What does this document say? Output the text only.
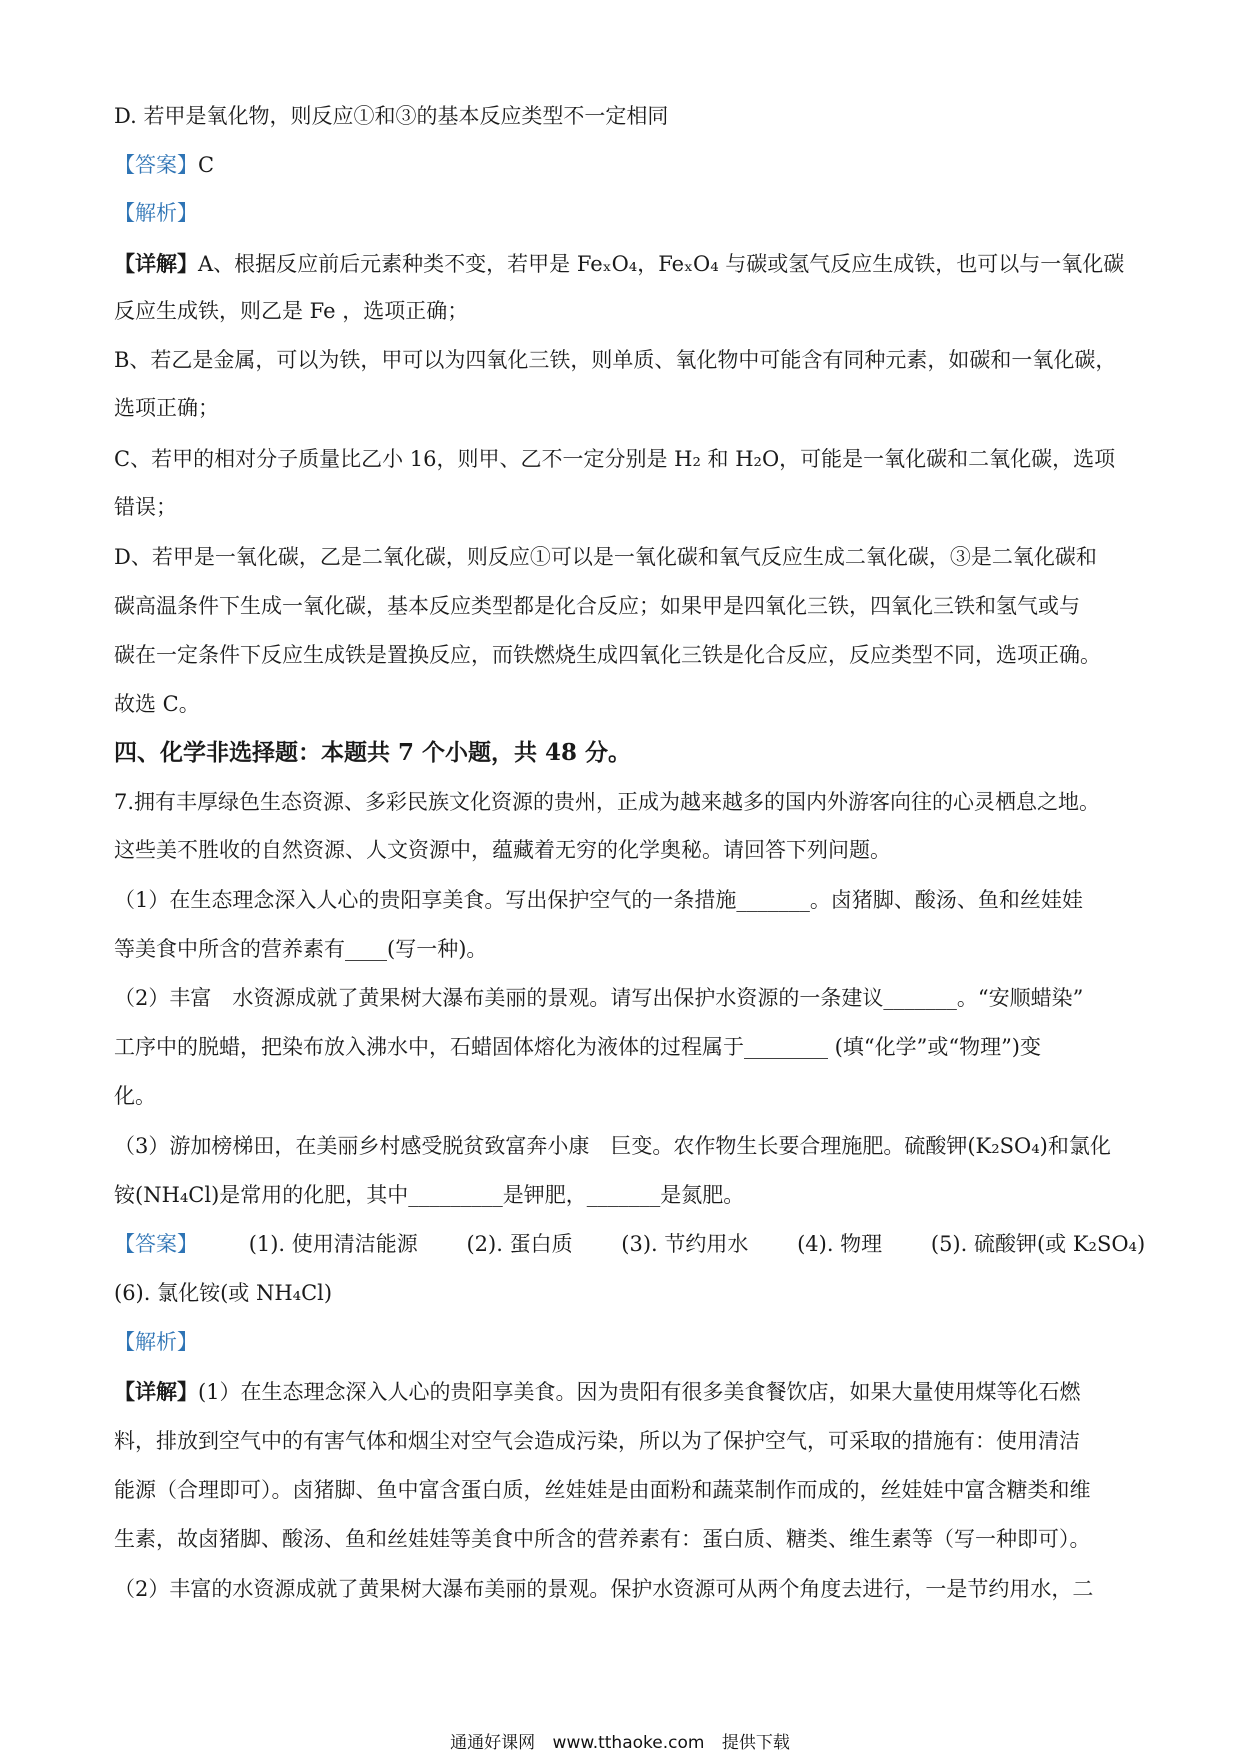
D. 若甲是氧化物，则反应①和③的基本反应类型不一定相同
【答案】C
【解析】
【详解】A、根据反应前后元素种类不变，若甲是 FeₓO₄，FeₓO₄ 与碳或氢气反应生成铁，也可以与一氧化碳
反应生成铁，则乙是 Fe ，选项正确；
B、若乙是金属，可以为铁，甲可以为四氧化三铁，则单质、氧化物中可能含有同种元素，如碳和一氧化碳，
选项正确；
C、若甲的相对分子质量比乙小 16，则甲、乙不一定分别是 H₂ 和 H₂O，可能是一氧化碳和二氧化碳，选项
错误；
D、若甲是一氧化碳，乙是二氧化碳，则反应①可以是一氧化碳和氧气反应生成二氧化碳，③是二氧化碳和
碳高温条件下生成一氧化碳，基本反应类型都是化合反应；如果甲是四氧化三铁，四氧化三铁和氢气或与
碳在一定条件下反应生成铁是置换反应，而铁燃烧生成四氧化三铁是化合反应，反应类型不同，选项正确。
故选 C。
四、化学非选择题：本题共 7 个小题，共 48 分。
7.拥有丰厚绿色生态资源、多彩民族文化资源的贵州，正成为越来越多的国内外游客向往的心灵栖息之地。
这些美不胜收的自然资源、人文资源中，蕴藏着无穷的化学奥秘。请回答下列问题。
（1）在生态理念深入人心的贵阳享美食。写出保护空气的一条措施_______。卤猪脚、酸汤、鱼和丝娃娃
等美食中所含的营养素有____(写一种)。
（2）丰富　水资源成就了黄果树大瀑布美丽的景观。请写出保护水资源的一条建议_______。“安顺蜡染”
工序中的脱蜡，把染布放入沸水中，石蜡固体熔化为液体的过程属于________ (填“化学”或“物理”)变
化。
（3）游加榜梯田，在美丽乡村感受脱贫致富奔小康　巨变。农作物生长要合理施肥。硫酸钾(K₂SO₄)和氯化
铵(NH₄Cl)是常用的化肥，其中_________是钾肥，_______是氮肥。
【答案】 (1). 使用清洁能源 (2). 蛋白质 (3). 节约用水 (4). 物理 (5). 硫酸钾(或 K₂SO₄)
(6). 氯化铵(或 NH₄Cl)
【解析】
【详解】(1）在生态理念深入人心的贵阳享美食。因为贵阳有很多美食餐饮店，如果大量使用煤等化石燃
料，排放到空气中的有害气体和烟尘对空气会造成污染，所以为了保护空气，可采取的措施有：使用清洁
能源（合理即可）。卤猪脚、鱼中富含蛋白质，丝娃娃是由面粉和蔬菜制作而成的，丝娃娃中富含糖类和维
生素，故卤猪脚、酸汤、鱼和丝娃娃等美食中所含的营养素有：蛋白质、糖类、维生素等（写一种即可）。
（2）丰富的水资源成就了黄果树大瀑布美丽的景观。保护水资源可从两个角度去进行，一是节约用水，二
通通好课网 www.tthaoke.com 提供下载
